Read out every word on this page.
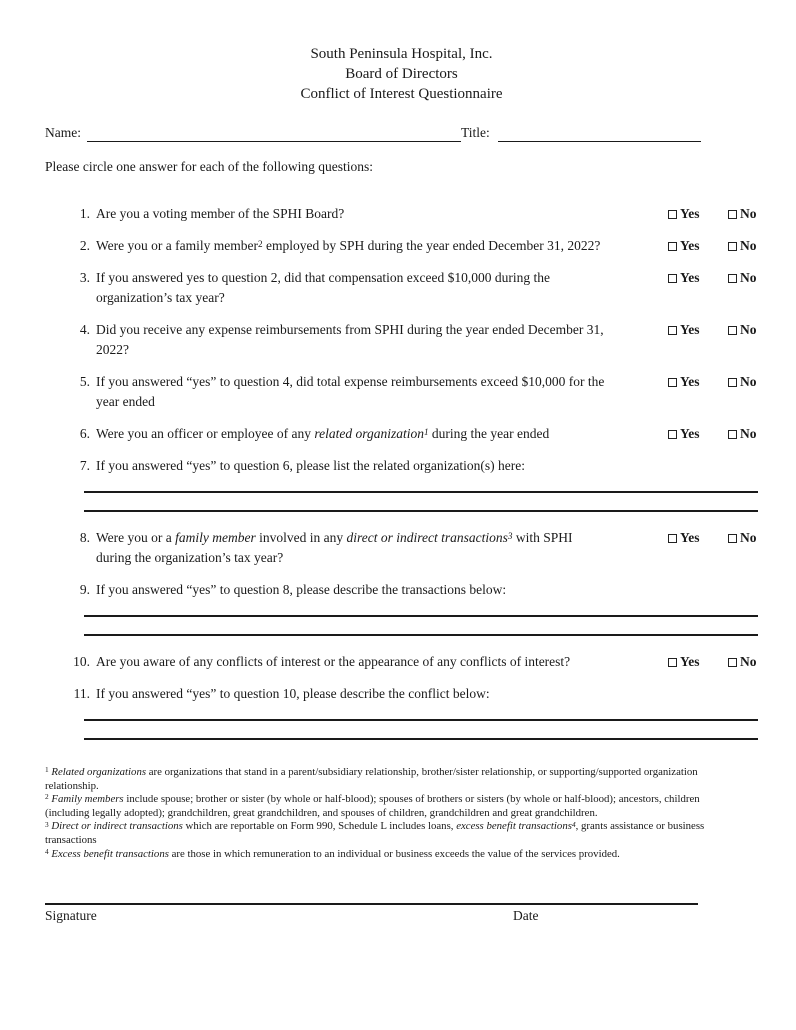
South Peninsula Hospital, Inc.
Board of Directors
Conflict of Interest Questionnaire
Name:	Title:
Please circle one answer for each of the following questions:
1. Are you a voting member of the SPHI Board?	Yes	No
2. Were you or a family member$^2$ employed by SPH during the year ended December 31, 2022?	Yes	No
3. If you answered yes to question 2, did that compensation exceed $10,000 during the
organization’s tax year?
Yes	No
4. Did you receive any expense reimbursements from SPHI during the year ended December 31,
2022?
Yes	No
5. If you answered “yes” to question 4, did total expense reimbursements exceed $10,000 for the
year ended
Yes	No
6. Were you an officer or employee of any related organization$^1$ during the year ended	Yes	No
7. If you answered “yes” to question 6, please list the related organization(s) here:
8. Were you or a family member involved in any direct or indirect transactions$^3$ with SPHI
during the organization’s tax year?
Yes	No
9. If you answered “yes” to question 8, please describe the transactions below:
10. Are you aware of any conflicts of interest or the appearance of any conflicts of interest?	Yes	No
11. If you answered “yes” to question 10, please describe the conflict below:
$^1$ Related organizations are organizations that stand in a parent/subsidiary relationship, brother/sister relationship, or supporting/supported organization
relationship.
$^2$ Family members include spouse; brother or sister (by whole or half-blood); spouses of brothers or sisters (by whole or half-blood); ancestors, children
(including legally adopted); grandchildren, great grandchildren, and spouses of children, grandchildren and great grandchildren.
$^3$ Direct or indirect transactions which are reportable on Form 990, Schedule L includes loans, excess benefit transactions$^4$, grants assistance or business
transactions
$^4$ Excess benefit transactions are those in which remuneration to an individual or business exceeds the value of the services provided.
Signature	Date
